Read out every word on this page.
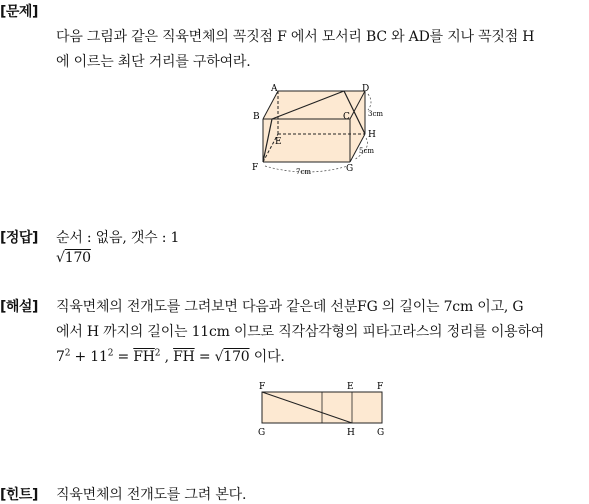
[문제]
다음 그림과 같은 직육면체의 꼭짓점 F 에서 모서리 BC 와 AD를 지나 꼭짓점 H
에 이르는 최단 거리를 구하여라.
A
B	C
D
E
F	G
H
3cm
5cm
7cm
[정답] 순서 : 없음, 갯수 : 1
√170
[해설] 직육면체의 전개도를 그려보면 다음과 같은데 선분FG 의 길이는 7cm 이고, G
에서 H 까지의 길이는 11cm 이므로 직각삼각형의 피타고라스의 정리를 이용하여
$7^2 + 11^2 = \overline{FH}^2$ , $\overline{FH} = √170$ 이다.
F	E	F
G	H G
[힌트] 직육면체의 전개도를 그려 본다.
